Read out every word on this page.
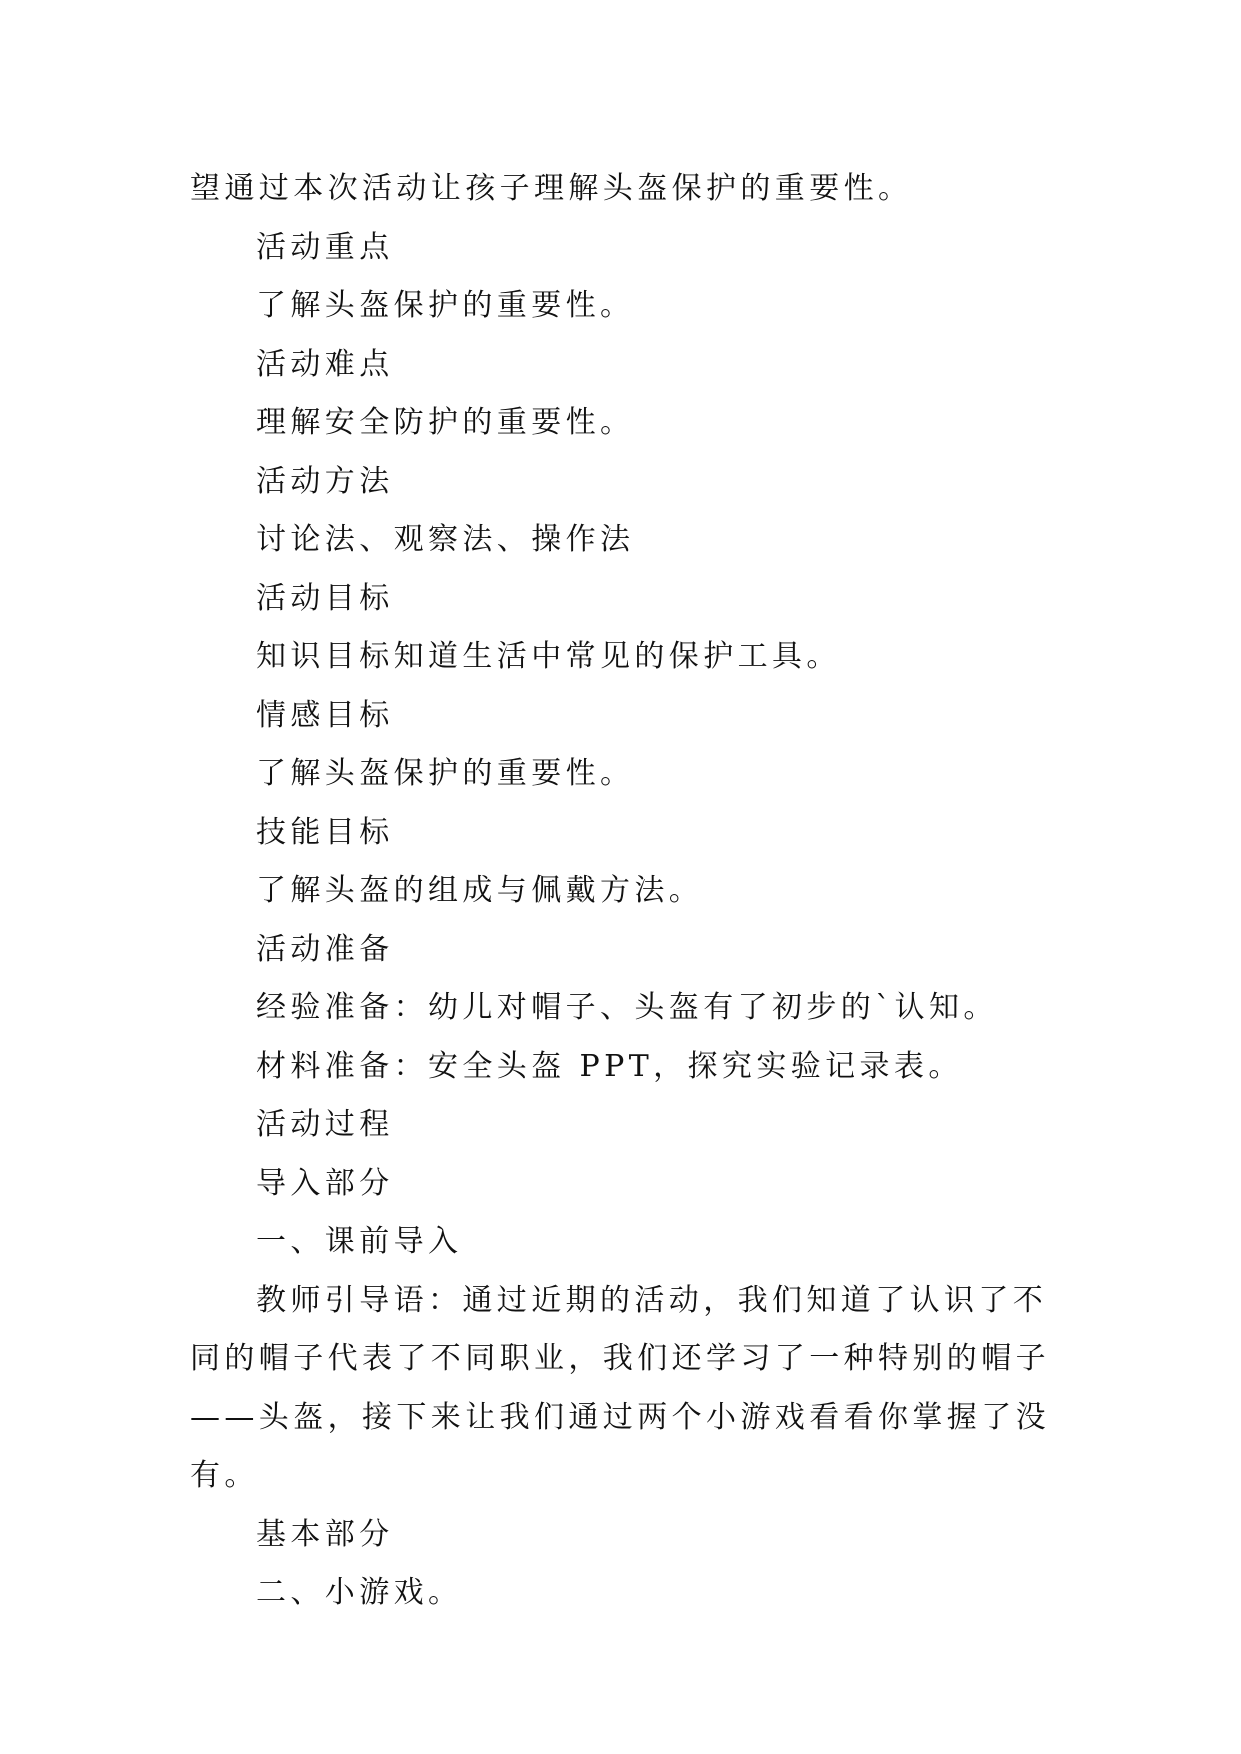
望通过本次活动让孩子理解头盔保护的重要性。

活动重点

了解头盔保护的重要性。

活动难点

理解安全防护的重要性。

活动方法

讨论法、观察法、操作法

活动目标

知识目标知道生活中常见的保护工具。

情感目标

了解头盔保护的重要性。

技能目标

了解头盔的组成与佩戴方法。

活动准备

经验准备：幼儿对帽子、头盔有了初步的`认知。

材料准备：安全头盔 PPT，探究实验记录表。

活动过程

导入部分

一、课前导入

教师引导语：通过近期的活动，我们知道了认识了不同的帽子代表了不同职业，我们还学习了一种特别的帽子——头盔，接下来让我们通过两个小游戏看看你掌握了没有。

基本部分

二、小游戏。
